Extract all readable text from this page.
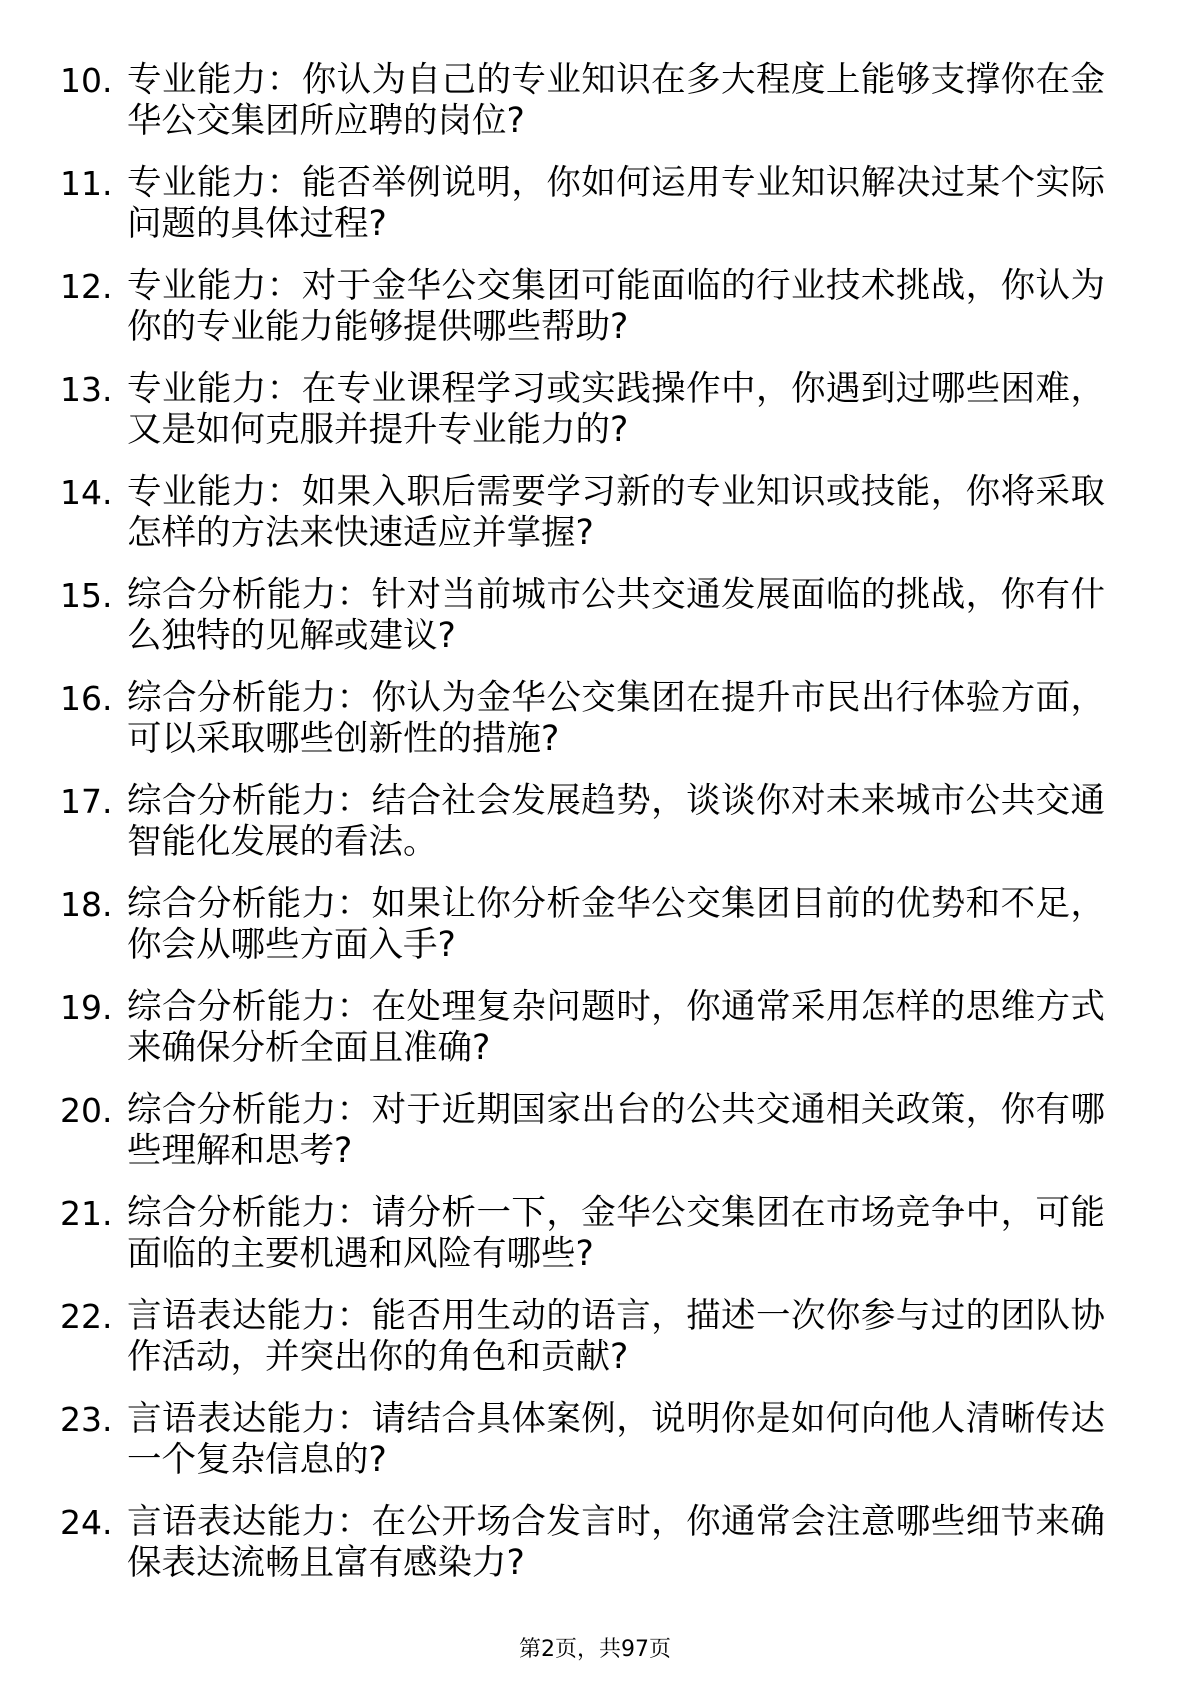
10. 专业能力：你认为自己的专业知识在多大程度上能够支撑你在金华公交集团所应聘的岗位?
11. 专业能力：能否举例说明，你如何运用专业知识解决过某个实际问题的具体过程?
12. 专业能力：对于金华公交集团可能面临的行业技术挑战，你认为你的专业能力能够提供哪些帮助?
13. 专业能力：在专业课程学习或实践操作中，你遇到过哪些困难，又是如何克服并提升专业能力的?
14. 专业能力：如果入职后需要学习新的专业知识或技能，你将采取怎样的方法来快速适应并掌握?
15. 综合分析能力：针对当前城市公共交通发展面临的挑战，你有什么独特的见解或建议?
16. 综合分析能力：你认为金华公交集团在提升市民出行体验方面，可以采取哪些创新性的措施?
17. 综合分析能力：结合社会发展趋势，谈谈你对未来城市公共交通智能化发展的看法。
18. 综合分析能力：如果让你分析金华公交集团目前的优势和不足，你会从哪些方面入手?
19. 综合分析能力：在处理复杂问题时，你通常采用怎样的思维方式来确保分析全面且准确?
20. 综合分析能力：对于近期国家出台的公共交通相关政策，你有哪些理解和思考?
21. 综合分析能力：请分析一下，金华公交集团在市场竞争中，可能面临的主要机遇和风险有哪些?
22. 言语表达能力：能否用生动的语言，描述一次你参与过的团队协作活动，并突出你的角色和贡献?
23. 言语表达能力：请结合具体案例，说明你是如何向他人清晰传达一个复杂信息的?
24. 言语表达能力：在公开场合发言时，你通常会注意哪些细节来确保表达流畅且富有感染力?
第2页，共97页
